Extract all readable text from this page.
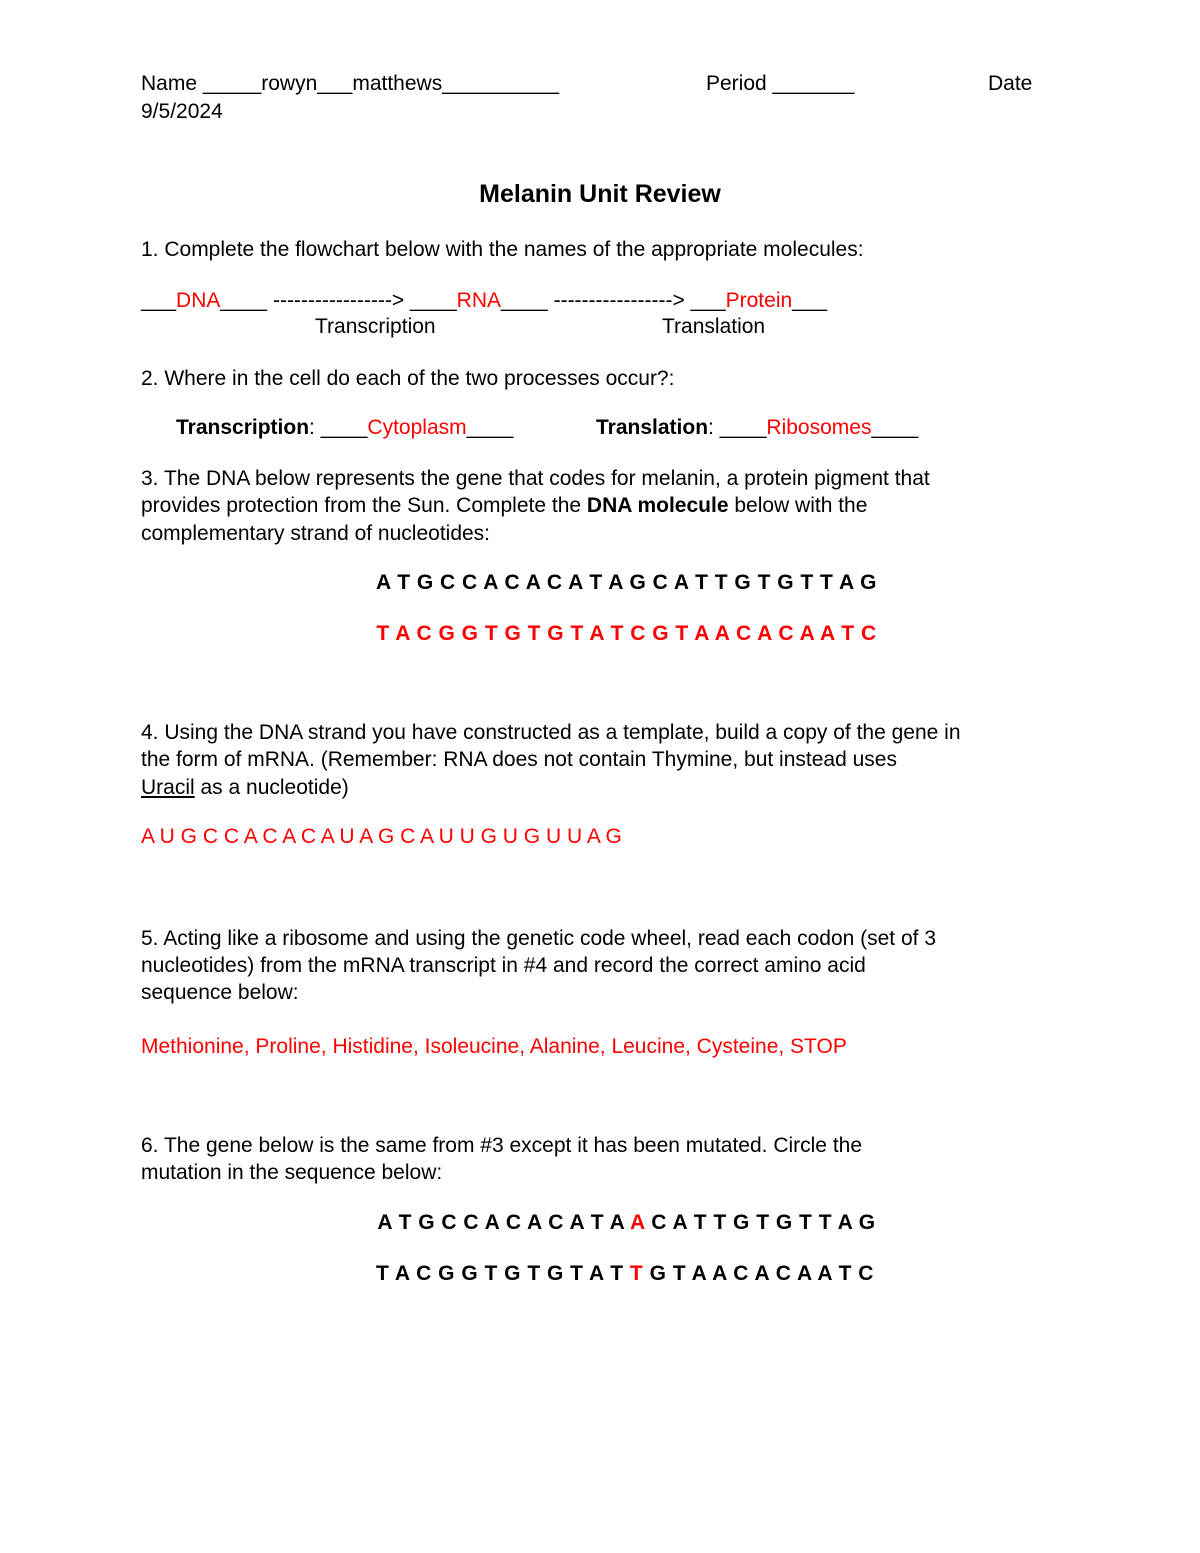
Name _____rowyn___matthews__________	Period _______	Date
9/5/2024
Melanin Unit Review
1. Complete the flowchart below with the names of the appropriate molecules:
___DNA____ -----------------> ____RNA____ -----------------> ___Protein___
Transcription	Translation
2. Where in the cell do each of the two processes occur?:
Transcription: ____Cytoplasm____	Translation: ____Ribosomes____
3. The DNA below represents the gene that codes for melanin, a protein pigment that
provides protection from the Sun. Complete the DNA molecule below with the
complementary strand of nucleotides:
A T G C C A C A C A T A G C A T T G T G T T A G
T A C G G T G T G T A T C G T A A C A C A A T C
4. Using the DNA strand you have constructed as a template, build a copy of the gene in
the form of mRNA. (Remember: RNA does not contain Thymine, but instead uses
Uracil as a nucleotide)
A U G C C A C A C A U A G C A U U G U G U U A G
5. Acting like a ribosome and using the genetic code wheel, read each codon (set of 3
nucleotides) from the mRNA transcript in #4 and record the correct amino acid
sequence below:
Methionine, Proline, Histidine, Isoleucine, Alanine, Leucine, Cysteine, STOP
6. The gene below is the same from #3 except it has been mutated. Circle the
mutation in the sequence below:
A T G C C A C A C A T A A C A T T G T G T T A G
T A C G G T G T G T A T T G T A A C A C A A T C
